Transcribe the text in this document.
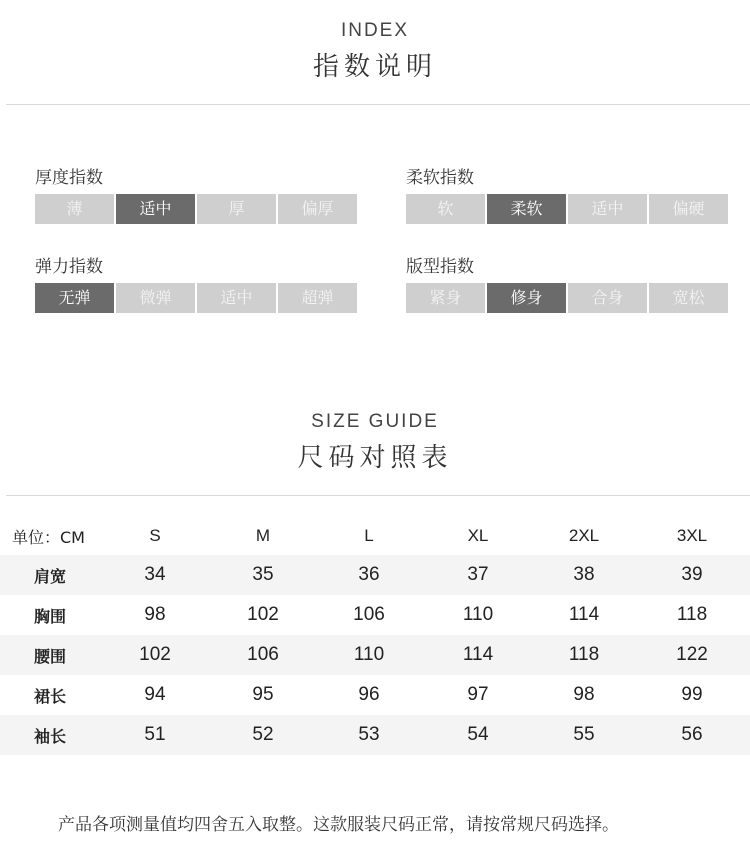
INDEX
指数说明
厚度指数
薄	适中	厚	偏厚
柔软指数
软	柔软	适中	偏硬
弹力指数
无弹	微弹	适中	超弹
版型指数
紧身	修身	合身	宽松
SIZE GUIDE
尺码对照表
单位：CM	S	M	L	XL	2XL	3XL
肩宽	34	35	36	37	38	39
胸围	98	102	106	110	114	118
腰围	102	106	110	114	118	122
裙长	94	95	96	97	98	99
袖长	51	52	53	54	55	56
产品各项测量值均四舍五入取整。这款服装尺码正常，请按常规尺码选择。
